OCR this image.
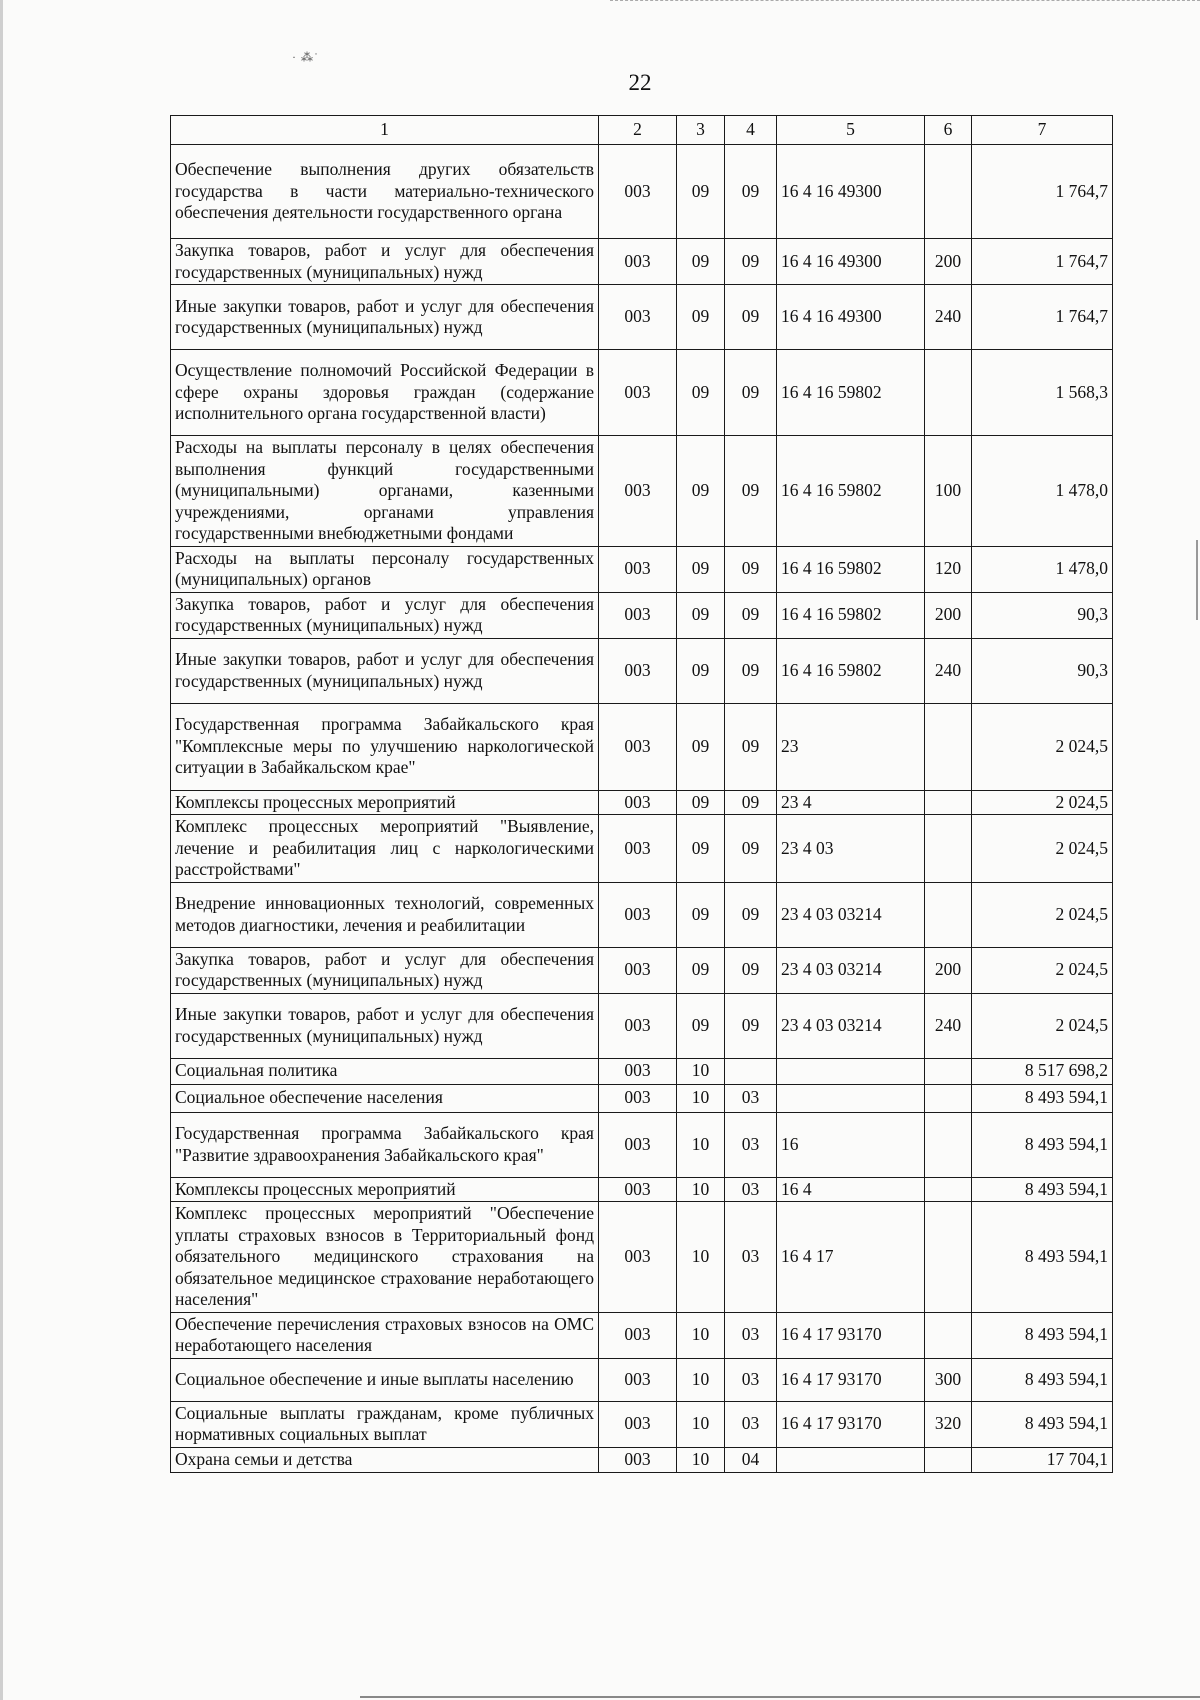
· ⁂˙
22
1	2	3	4	5	6	7
Обеспечение выполнения других обязательств государства в части материально-технического обеспечения деятельности государственного органа	003	09	09	16 4 16 49300		1 764,7
Закупка товаров, работ и услуг для обеспечения государственных (муниципальных) нужд	003	09	09	16 4 16 49300	200	1 764,7
Иные закупки товаров, работ и услуг для обеспечения государственных (муниципальных) нужд	003	09	09	16 4 16 49300	240	1 764,7
Осуществление полномочий Российской Федерации в сфере охраны здоровья граждан (содержание исполнительного органа государственной власти)	003	09	09	16 4 16 59802		1 568,3
Расходы на выплаты персоналу в целях обеспечения выполнения функций государственными (муниципальными) органами, казенными учреждениями, органами управления государственными внебюджетными фондами	003	09	09	16 4 16 59802	100	1 478,0
Расходы на выплаты персоналу государственных (муниципальных) органов	003	09	09	16 4 16 59802	120	1 478,0
Закупка товаров, работ и услуг для обеспечения государственных (муниципальных) нужд	003	09	09	16 4 16 59802	200	90,3
Иные закупки товаров, работ и услуг для обеспечения государственных (муниципальных) нужд	003	09	09	16 4 16 59802	240	90,3
Государственная программа Забайкальского края "Комплексные меры по улучшению наркологической ситуации в Забайкальском крае"	003	09	09	23		2 024,5
Комплексы процессных мероприятий	003	09	09	23 4		2 024,5
Комплекс процессных мероприятий "Выявление, лечение и реабилитация лиц с наркологическими расстройствами"	003	09	09	23 4 03		2 024,5
Внедрение инновационных технологий, современных методов диагностики, лечения и реабилитации	003	09	09	23 4 03 03214		2 024,5
Закупка товаров, работ и услуг для обеспечения государственных (муниципальных) нужд	003	09	09	23 4 03 03214	200	2 024,5
Иные закупки товаров, работ и услуг для обеспечения государственных (муниципальных) нужд	003	09	09	23 4 03 03214	240	2 024,5
Социальная политика	003	10				8 517 698,2
Социальное обеспечение населения	003	10	03			8 493 594,1
Государственная программа Забайкальского края "Развитие здравоохранения Забайкальского края"	003	10	03	16		8 493 594,1
Комплексы процессных мероприятий	003	10	03	16 4		8 493 594,1
Комплекс процессных мероприятий "Обеспечение уплаты страховых взносов в Территориальный фонд обязательного медицинского страхования на обязательное медицинское страхование неработающего населения"	003	10	03	16 4 17		8 493 594,1
Обеспечение перечисления страховых взносов на ОМС неработающего населения	003	10	03	16 4 17 93170		8 493 594,1
Социальное обеспечение и иные выплаты населению	003	10	03	16 4 17 93170	300	8 493 594,1
Социальные выплаты гражданам, кроме публичных нормативных социальных выплат	003	10	03	16 4 17 93170	320	8 493 594,1
Охрана семьи и детства	003	10	04			17 704,1
